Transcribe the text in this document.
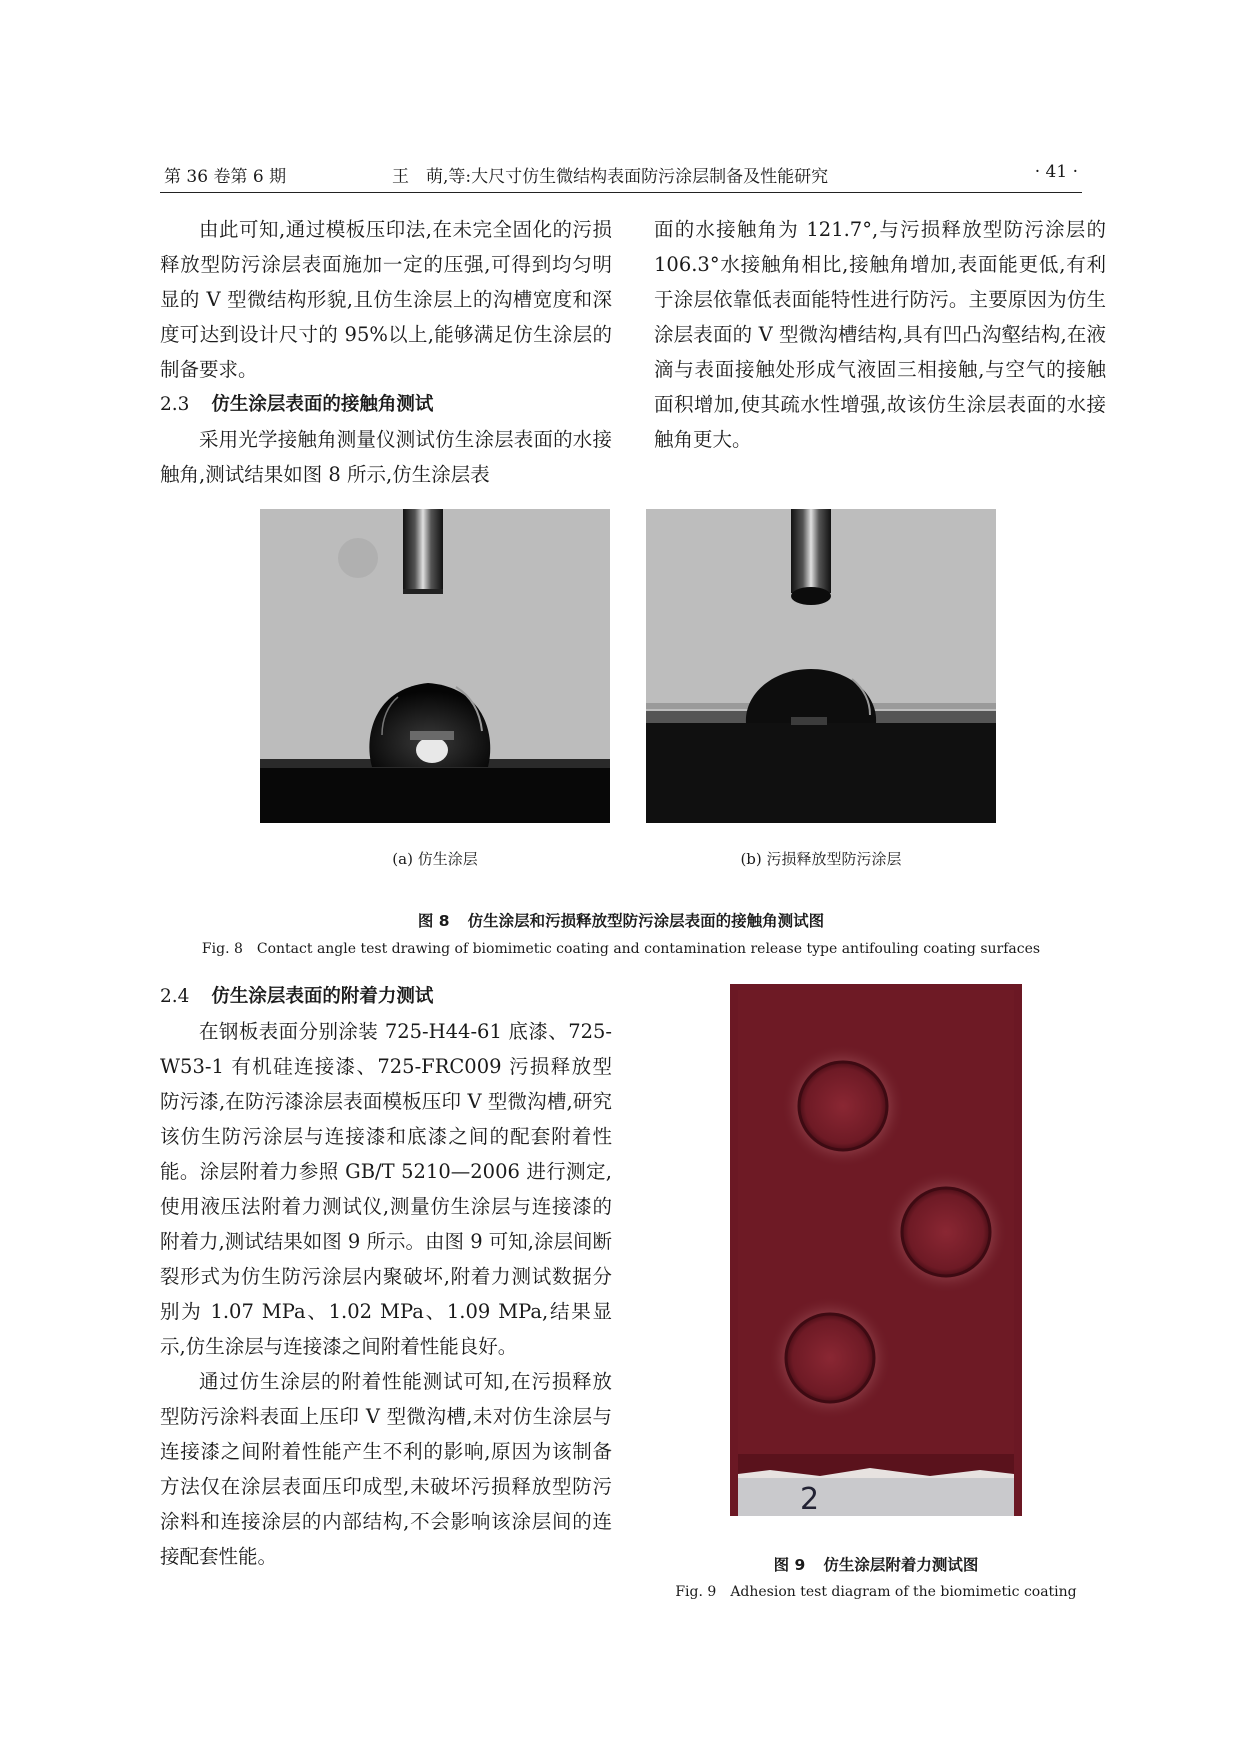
第 36 卷第 6 期	王　萌,等:大尺寸仿生微结构表面防污涂层制备及性能研究	· 41 ·

由此可知,通过模板压印法,在未完全固化的污损释放型防污涂层表面施加一定的压强,可得到均匀明显的 V 型微结构形貌,且仿生涂层上的沟槽宽度和深度可达到设计尺寸的 95%以上,能够满足仿生涂层的制备要求。

2.3 仿生涂层表面的接触角测试

采用光学接触角测量仪测试仿生涂层表面的水接触角,测试结果如图 8 所示,仿生涂层表

面的水接触角为 121.7°,与污损释放型防污涂层的 106.3°水接触角相比,接触角增加,表面能更低,有利于涂层依靠低表面能特性进行防污。主要原因为仿生涂层表面的 V 型微沟槽结构,具有凹凸沟壑结构,在液滴与表面接触处形成气液固三相接触,与空气的接触面积增加,使其疏水性增强,故该仿生涂层表面的水接触角更大。

(a) 仿生涂层	(b) 污损释放型防污涂层
图 8 仿生涂层和污损释放型防污涂层表面的接触角测试图
Fig. 8 Contact angle test drawing of biomimetic coating and contamination release type antifouling coating surfaces

2.4 仿生涂层表面的附着力测试

在钢板表面分别涂装 725-H44-61 底漆、725-W53-1 有机硅连接漆、725-FRC009 污损释放型防污漆,在防污漆涂层表面模板压印 V 型微沟槽,研究该仿生防污涂层与连接漆和底漆之间的配套附着性能。涂层附着力参照 GB/T 5210—2006 进行测定,使用液压法附着力测试仪,测量仿生涂层与连接漆的附着力,测试结果如图 9 所示。由图 9 可知,涂层间断裂形式为仿生防污涂层内聚破坏,附着力测试数据分别为 1.07 MPa、1.02 MPa、1.09 MPa,结果显示,仿生涂层与连接漆之间附着性能良好。

通过仿生涂层的附着性能测试可知,在污损释放型防污涂料表面上压印 V 型微沟槽,未对仿生涂层与连接漆之间附着性能产生不利的影响,原因为该制备方法仅在涂层表面压印成型,未破坏污损释放型防污涂料和连接涂层的内部结构,不会影响该涂层间的连接配套性能。

2
图 9 仿生涂层附着力测试图
Fig. 9 Adhesion test diagram of the biomimetic coating
